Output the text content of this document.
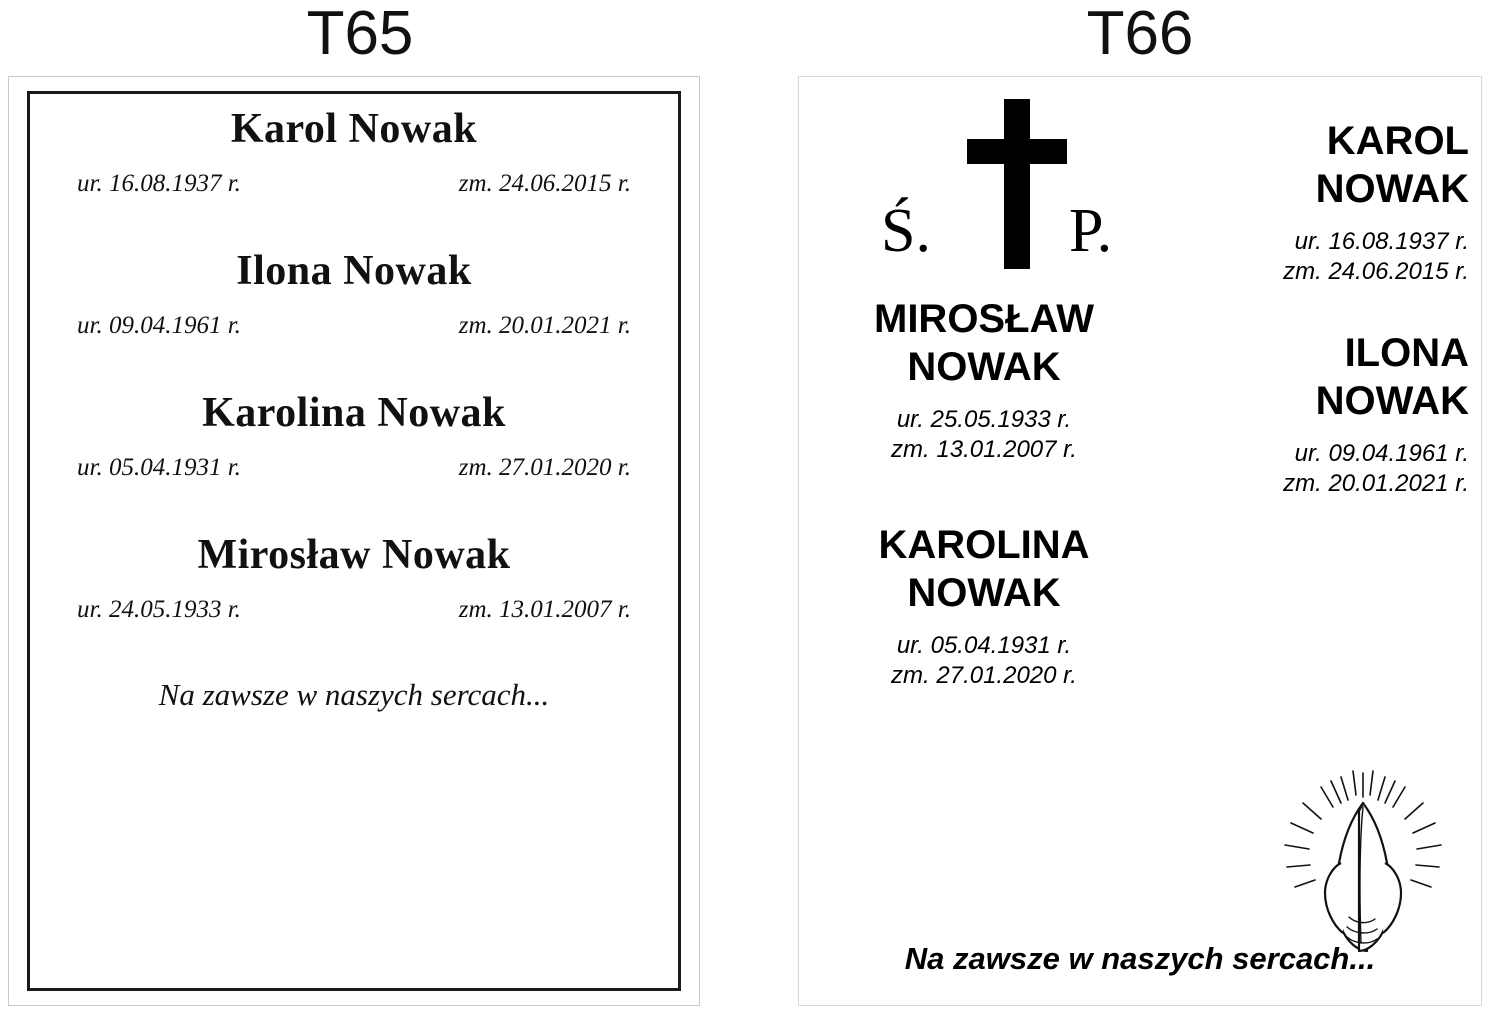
T65
Karol Nowak
ur. 16.08.1937 r.	zm. 24.06.2015 r.
Ilona Nowak
ur. 09.04.1961 r.	zm. 20.01.2021 r.
Karolina Nowak
ur. 05.04.1931 r.	zm. 27.01.2020 r.
Mirosław Nowak
ur. 24.05.1933 r.	zm. 13.01.2007 r.
Na zawsze w naszych sercach...
T66
Ś. P.
MIROSŁAW
NOWAK
ur. 25.05.1933 r.
zm. 13.01.2007 r.
KAROLINA
NOWAK
ur. 05.04.1931 r.
zm. 27.01.2020 r.
KAROL
NOWAK
ur. 16.08.1937 r.
zm. 24.06.2015 r.
ILONA
NOWAK
ur. 09.04.1961 r.
zm. 20.01.2021 r.
Na zawsze w naszych sercach...
